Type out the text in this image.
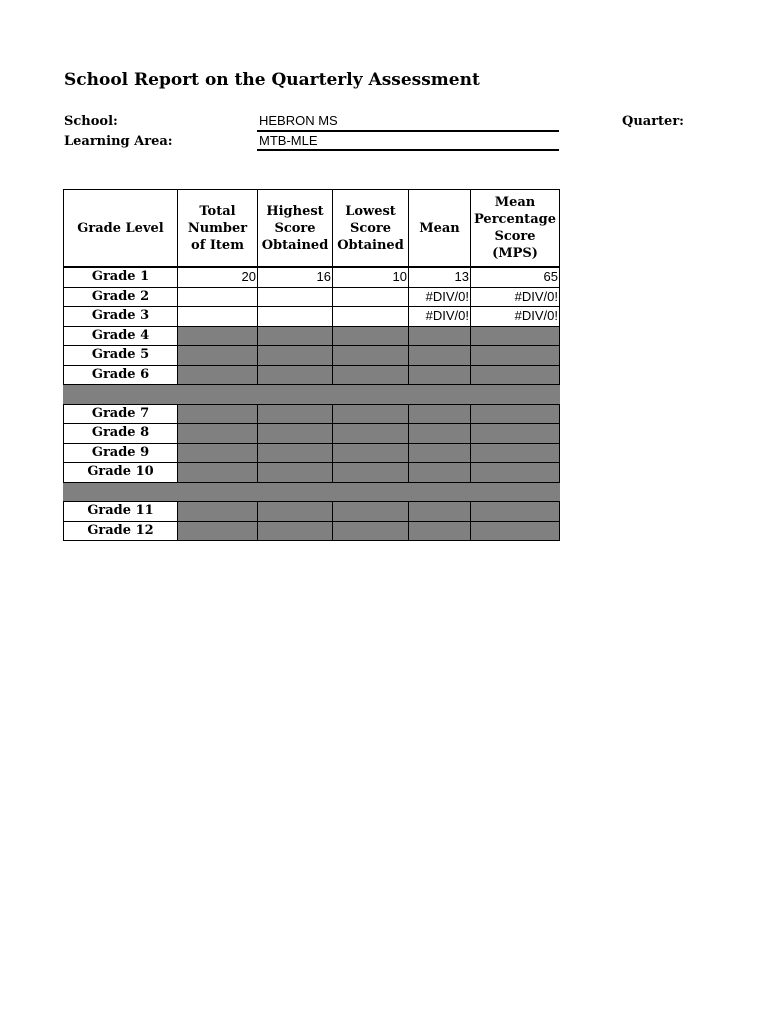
School Report on the Quarterly Assessment
School:	HEBRON MS
Learning Area:	MTB-MLE
Quarter:
Grade Level	Total Number of Item	Highest Score Obtained	Lowest Score Obtained	Mean	Mean Percentage Score (MPS)
Grade 1	20	16	10	13	65
Grade 2				#DIV/0!	#DIV/0!
Grade 3				#DIV/0!	#DIV/0!
Grade 4					
Grade 5					
Grade 6					

Grade 7					
Grade 8					
Grade 9					
Grade 10					

Grade 11					
Grade 12					
